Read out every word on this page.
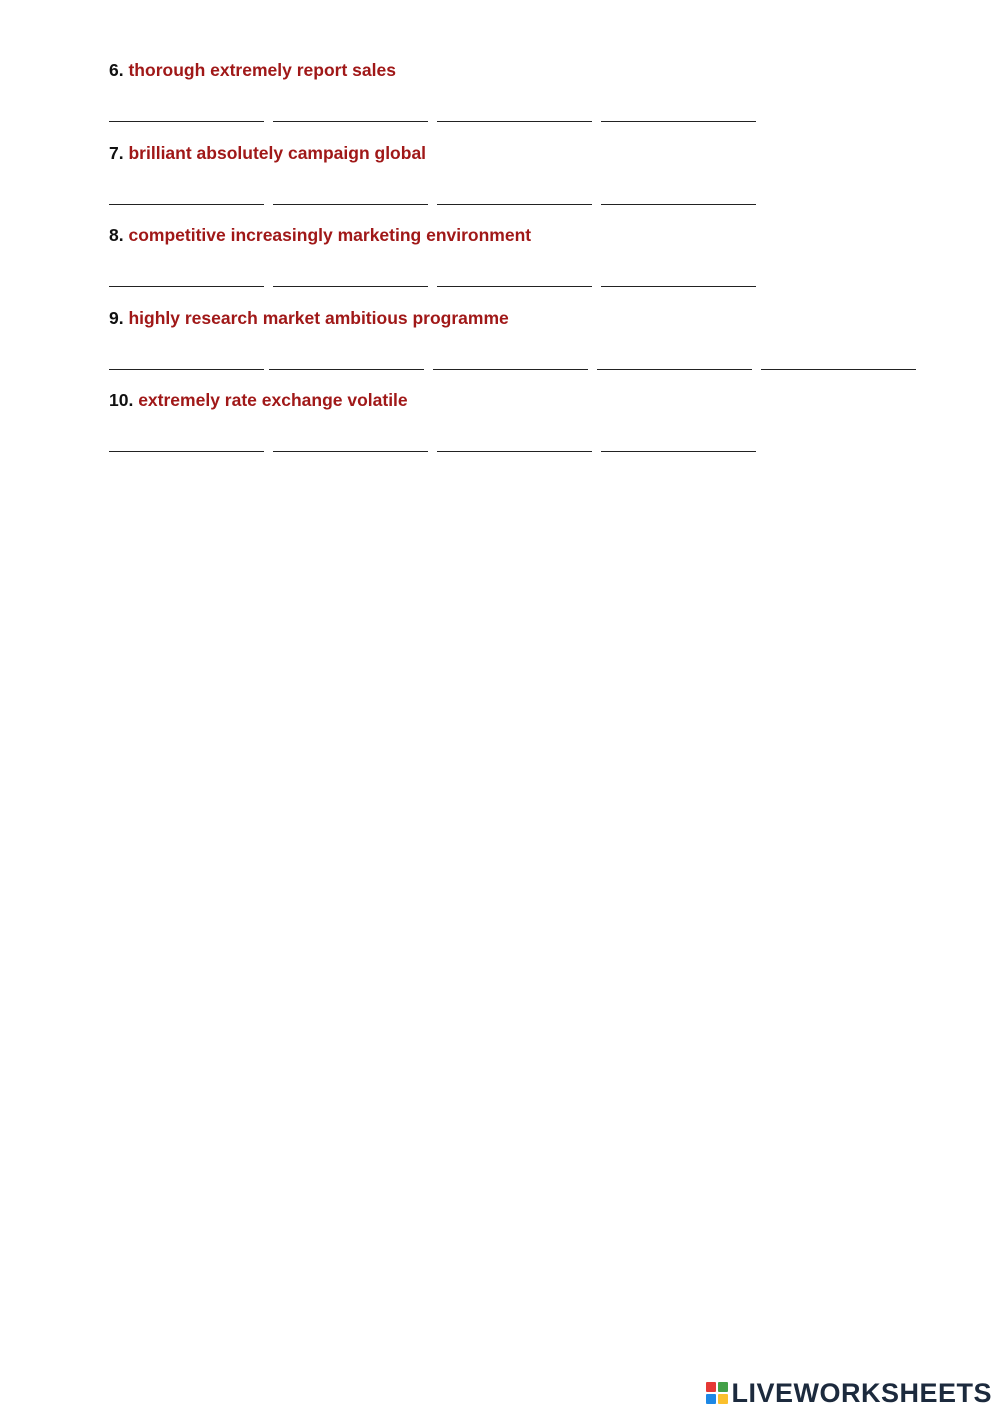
6. thorough extremely report sales
7. brilliant absolutely campaign global
8. competitive increasingly marketing environment
9. highly research market ambitious programme
10. extremely rate exchange volatile
LIVEWORKSHEETS
